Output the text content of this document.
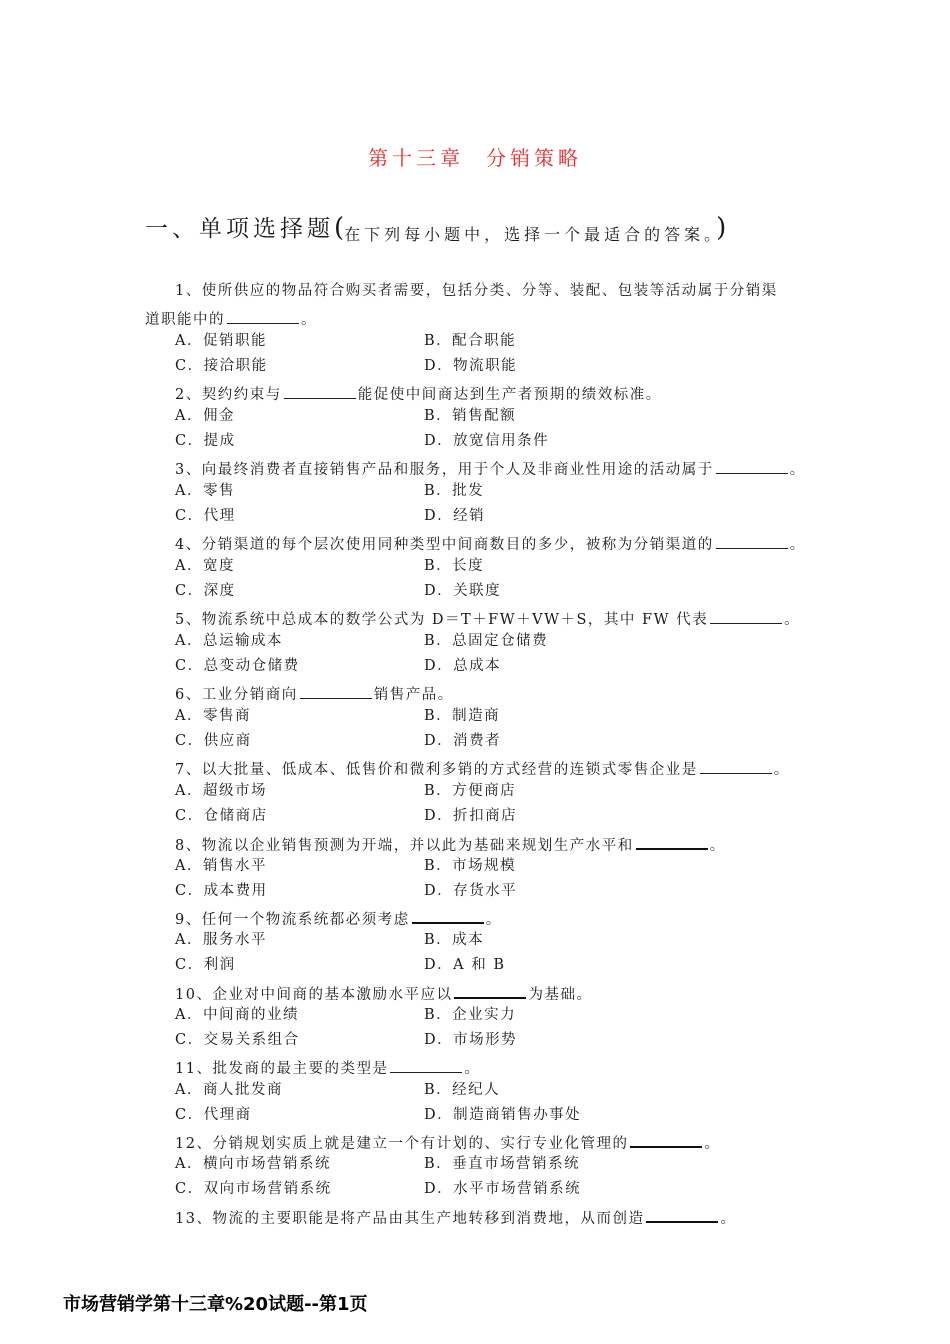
第十三章 分销策略
一、单项选择题(在下列每小题中，选择一个最适合的答案。)
1、使所供应的物品符合购买者需要，包括分类、分等、装配、包装等活动属于分销渠
道职能中的	。
A．促销职能	B．配合职能
C．接洽职能	D．物流职能
2、契约约束与	能促使中间商达到生产者预期的绩效标准。
A．佣金	B．销售配额
C．提成	D．放宽信用条件
3、向最终消费者直接销售产品和服务，用于个人及非商业性用途的活动属于	。
A．零售	B．批发
C．代理	D．经销
4、分销渠道的每个层次使用同种类型中间商数目的多少，被称为分销渠道的	。
A．宽度	B．长度
C．深度	D．关联度
5、物流系统中总成本的数学公式为 D＝T＋FW＋VW＋S，其中 FW 代表	。
A．总运输成本	B．总固定仓储费
C．总变动仓储费	D．总成本
6、工业分销商向	销售产品。
A．零售商	B．制造商
C．供应商	D．消费者
7、以大批量、低成本、低售价和微利多销的方式经营的连锁式零售企业是	。
A．超级市场	B．方便商店
C．仓储商店	D．折扣商店
8、物流以企业销售预测为开端，并以此为基础来规划生产水平和	。
A．销售水平	B．市场规模
C．成本费用	D．存货水平
9、任何一个物流系统都必须考虑	。
A．服务水平	B．成本
C．利润	D．A 和 B
10、企业对中间商的基本激励水平应以	为基础。
A．中间商的业绩	B．企业实力
C．交易关系组合	D．市场形势
11、批发商的最主要的类型是	。
A．商人批发商	B．经纪人
C．代理商	D．制造商销售办事处
12、分销规划实质上就是建立一个有计划的、实行专业化管理的	。
A．横向市场营销系统	B．垂直市场营销系统
C．双向市场营销系统	D．水平市场营销系统
13、物流的主要职能是将产品由其生产地转移到消费地，从而创造	。
市场营销学第十三章%20试题--第1页
